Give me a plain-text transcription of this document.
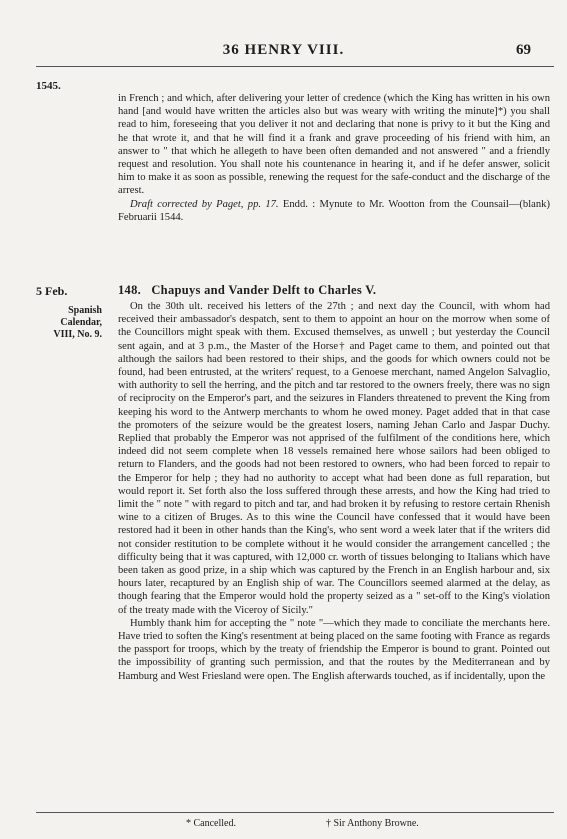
36 HENRY VIII.	69
1545.

in French ; and which, after delivering your letter of credence (which the King has written in his own hand [and would have written the articles also but was weary with writing the minute]*) you shall read to him, foreseeing that you deliver it not and declaring that none is privy to it but the King and he that wrote it, and that he will find it a frank and grave proceeding of his friend with him, an answer to " that which he allegeth to have been often demanded and not answered " and a friendly request and resolution. You shall note his countenance in hearing it, and if he defer answer, solicit him to make it as soon as possible, renewing the request for the safe-conduct and the discharge of the arrest.

Draft corrected by Paget, pp. 17. Endd. : Mynute to Mr. Wootton from the Counsail—(blank) Februarii 1544.

5 Feb.	148. Chapuys and Vander Delft to Charles V.
Spanish
Calendar,
VIII, No. 9.

On the 30th ult. received his letters of the 27th ; and next day the Council, with whom had received their ambassador's despatch, sent to them to appoint an hour on the morrow when some of the Councillors might speak with them. Excused themselves, as unwell ; but yesterday the Council sent again, and at 3 p.m., the Master of the Horse† and Paget came to them, and pointed out that although the sailors had been restored to their ships, and the goods for which owners could not be found, had been entrusted, at the writers' request, to a Genoese merchant, named Angelon Salvaglio, with authority to sell the herring, and the pitch and tar restored to the owners freely, there was no sign of reciprocity on the Emperor's part, and the seizures in Flanders threatened to prevent the King from keeping his word to the Antwerp merchants to whom he owed money. Paget added that in that case the promoters of the seizure would be the greatest losers, naming Jehan Carlo and Jaspar Duchy. Replied that probably the Emperor was not apprised of the fulfilment of the conditions here, which indeed did not seem complete when 18 vessels remained here whose sailors had been obliged to return to Flanders, and the goods had not been restored to owners, who had been forced to repair to the Emperor for help ; they had no authority to accept what had been done as full reparation, but would report it. Set forth also the loss suffered through these arrests, and how the King had tried to limit the " note " with regard to pitch and tar, and had broken it by refusing to restore certain Rhenish wine to a citizen of Bruges. As to this wine the Council have confessed that it would have been restored had it been in other hands than the King's, who sent word a week later that if the writers did not consider restitution to be complete without it he would consider the arrangement cancelled ; the difficulty being that it was captured, with 12,000 cr. worth of tissues belonging to Italians which have been taken as good prize, in a ship which was captured by the French in an English harbour and, six hours later, recaptured by an English ship of war. The Councillors seemed alarmed at the delay, as though fearing that the Emperor would hold the property seized as a " set-off to the King's violation of the treaty made with the Viceroy of Sicily."

Humbly thank him for accepting the " note "—which they made to conciliate the merchants here. Have tried to soften the King's resentment at being placed on the same footing with France as regards the passport for troops, which by the treaty of friendship the Emperor is bound to grant. Pointed out the impossibility of granting such permission, and that the routes by the Mediterranean and by Hamburg and West Friesland were open. The English afterwards touched, as if incidentally, upon the

* Cancelled.	† Sir Anthony Browne.
